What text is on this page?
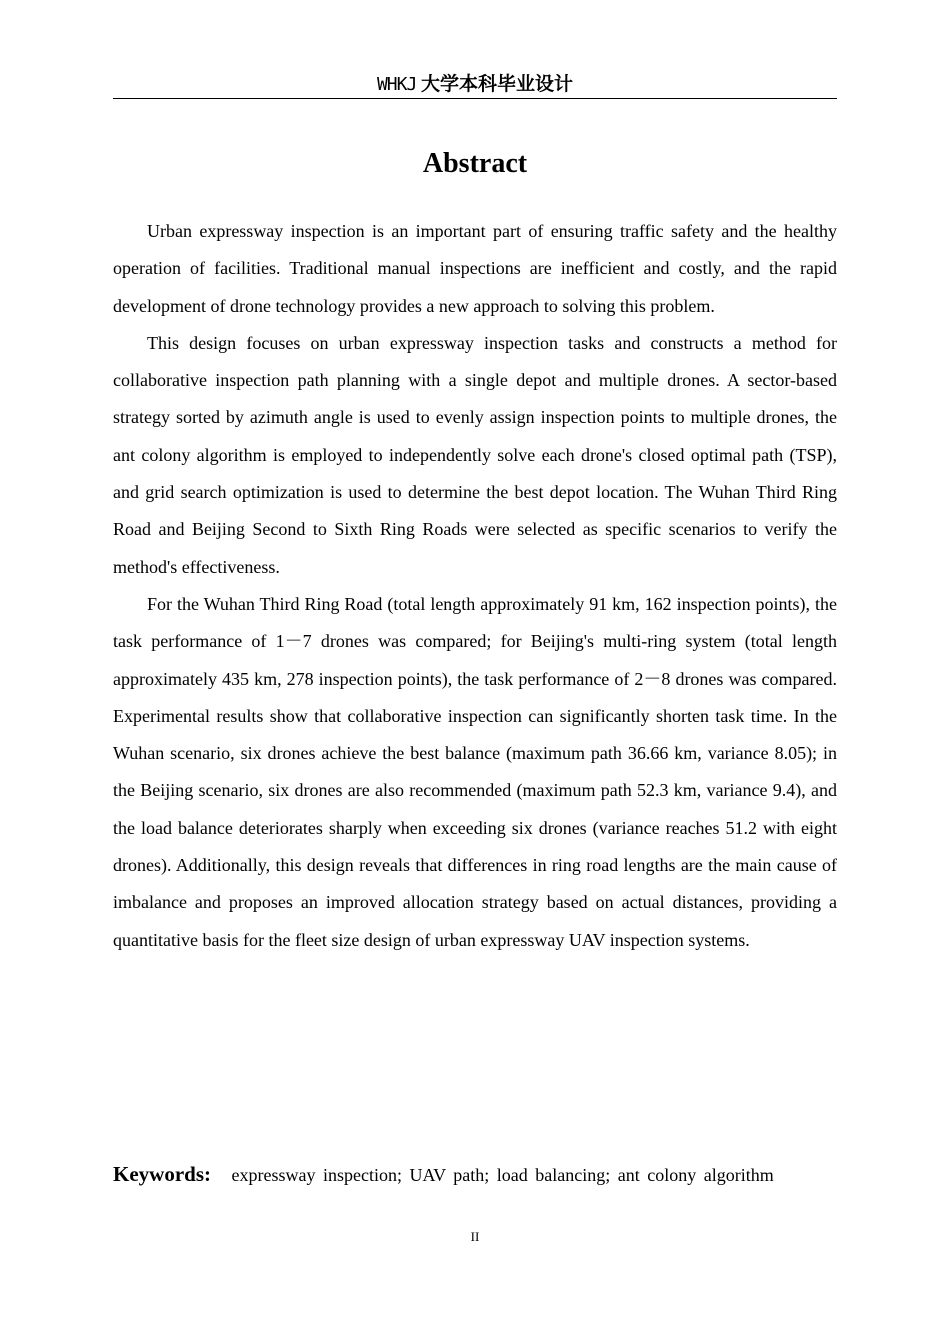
WHKJ 大学本科毕业设计
Abstract

Urban expressway inspection is an important part of ensuring traffic safety and the healthy operation of facilities. Traditional manual inspections are inefficient and costly, and the rapid development of drone technology provides a new approach to solving this problem.

This design focuses on urban expressway inspection tasks and constructs a method for collaborative inspection path planning with a single depot and multiple drones. A sector-based strategy sorted by azimuth angle is used to evenly assign inspection points to multiple drones, the ant colony algorithm is employed to independently solve each drone's closed optimal path (TSP), and grid search optimization is used to determine the best depot location. The Wuhan Third Ring Road and Beijing Second to Sixth Ring Roads were selected as specific scenarios to verify the method's effectiveness.

For the Wuhan Third Ring Road (total length approximately 91 km, 162 inspection points), the task performance of 1－7 drones was compared; for Beijing's multi-ring system (total length approximately 435 km, 278 inspection points), the task performance of 2－8 drones was compared. Experimental results show that collaborative inspection can significantly shorten task time. In the Wuhan scenario, six drones achieve the best balance (maximum path 36.66 km, variance 8.05); in the Beijing scenario, six drones are also recommended (maximum path 52.3 km, variance 9.4), and the load balance deteriorates sharply when exceeding six drones (variance reaches 51.2 with eight drones). Additionally, this design reveals that differences in ring road lengths are the main cause of imbalance and proposes an improved allocation strategy based on actual distances, providing a quantitative basis for the fleet size design of urban expressway UAV inspection systems.

Keywords: expressway inspection; UAV path; load balancing; ant colony algorithm
II
